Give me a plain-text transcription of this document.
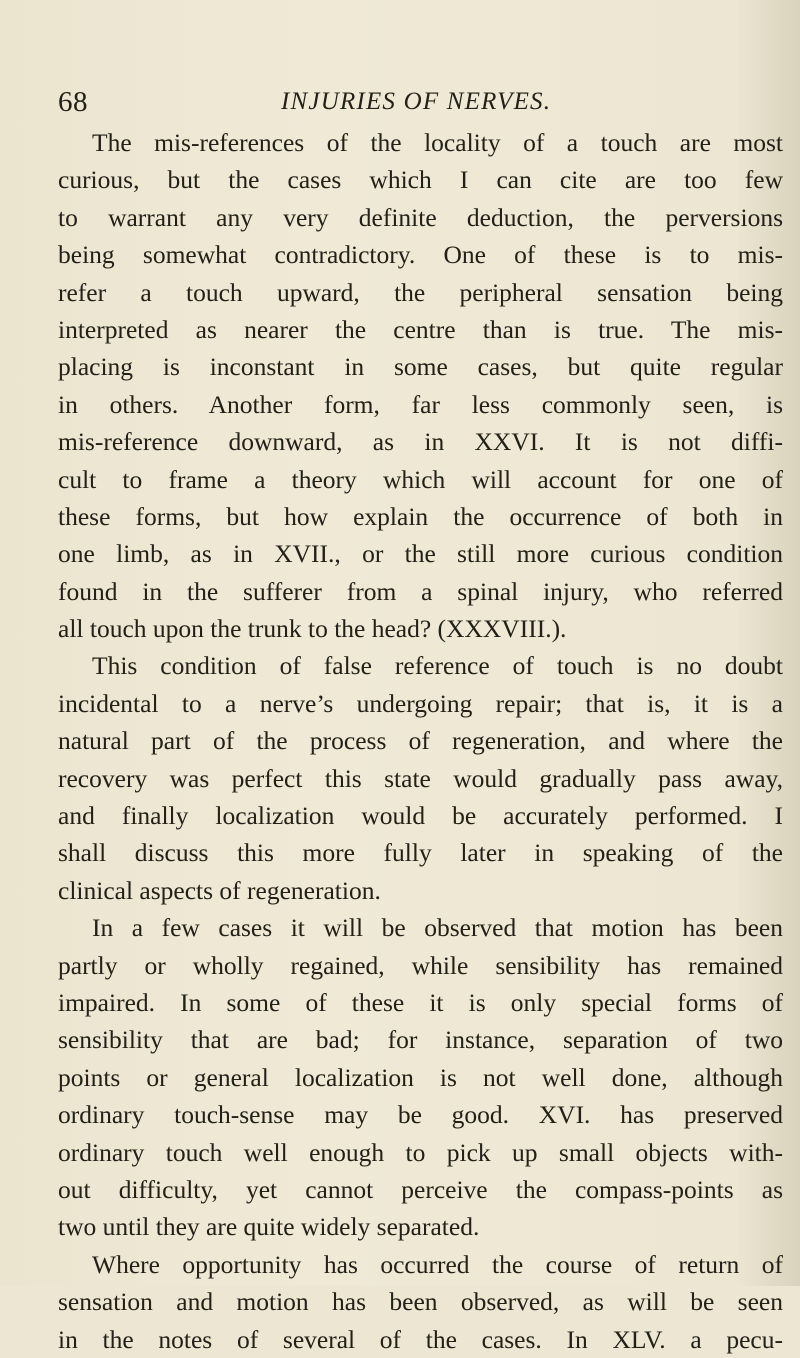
68	INJURIES OF NERVES.
The mis-references of the locality of a touch are most
curious, but the cases which I can cite are too few
to warrant any very definite deduction, the perversions
being somewhat contradictory. One of these is to mis-
refer a touch upward, the peripheral sensation being
interpreted as nearer the centre than is true. The mis-
placing is inconstant in some cases, but quite regular
in others. Another form, far less commonly seen, is
mis-reference downward, as in XXVI. It is not diffi-
cult to frame a theory which will account for one of
these forms, but how explain the occurrence of both in
one limb, as in XVII., or the still more curious condition
found in the sufferer from a spinal injury, who referred
all touch upon the trunk to the head? (XXXVIII.).
This condition of false reference of touch is no doubt
incidental to a nerve’s undergoing repair; that is, it is a
natural part of the process of regeneration, and where the
recovery was perfect this state would gradually pass away,
and finally localization would be accurately performed. I
shall discuss this more fully later in speaking of the
clinical aspects of regeneration.
In a few cases it will be observed that motion has been
partly or wholly regained, while sensibility has remained
impaired. In some of these it is only special forms of
sensibility that are bad; for instance, separation of two
points or general localization is not well done, although
ordinary touch-sense may be good. XVI. has preserved
ordinary touch well enough to pick up small objects with-
out difficulty, yet cannot perceive the compass-points as
two until they are quite widely separated.
Where opportunity has occurred the course of return of
sensation and motion has been observed, as will be seen
in the notes of several of the cases. In XLV. a pecu-
